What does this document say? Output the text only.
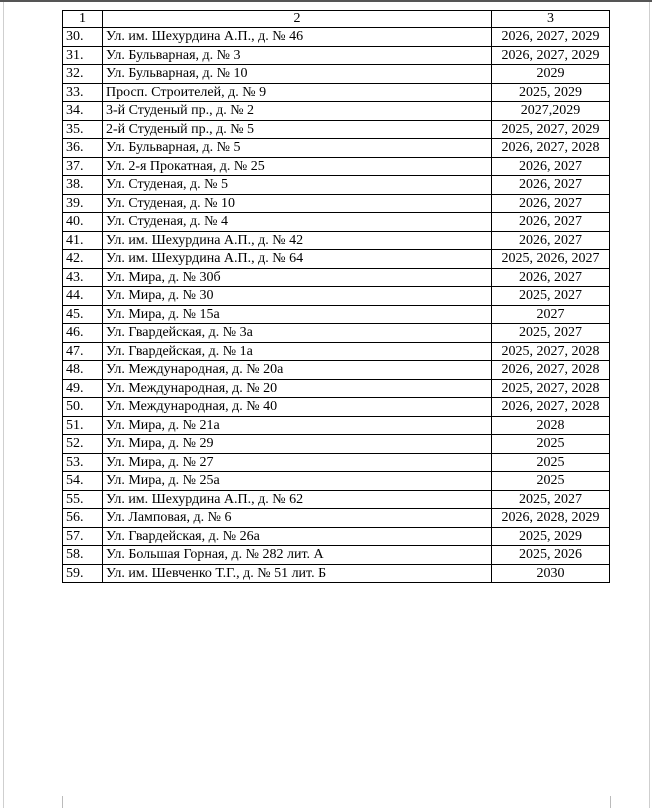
1	2	3
30.	Ул. им. Шехурдина А.П., д. № 46	2026, 2027, 2029
31.	Ул. Бульварная, д. № 3	2026, 2027, 2029
32.	Ул. Бульварная, д. № 10	2029
33.	Просп. Строителей, д. № 9	2025, 2029
34.	3-й Студеный пр., д. № 2	2027,2029
35.	2-й Студеный пр., д. № 5	2025, 2027, 2029
36.	Ул. Бульварная, д. № 5	2026, 2027, 2028
37.	Ул. 2-я Прокатная, д. № 25	2026, 2027
38.	Ул. Студеная, д. № 5	2026, 2027
39.	Ул. Студеная, д. № 10	2026, 2027
40.	Ул. Студеная, д. № 4	2026, 2027
41.	Ул. им. Шехурдина А.П., д. № 42	2026, 2027
42.	Ул. им. Шехурдина А.П., д. № 64	2025, 2026, 2027
43.	Ул. Мира, д. № 30б	2026, 2027
44.	Ул. Мира, д. № 30	2025, 2027
45.	Ул. Мира, д. № 15а	2027
46.	Ул. Гвардейская, д. № 3а	2025, 2027
47.	Ул. Гвардейская, д. № 1а	2025, 2027, 2028
48.	Ул. Международная, д. № 20а	2026, 2027, 2028
49.	Ул. Международная, д. № 20	2025, 2027, 2028
50.	Ул. Международная, д. № 40	2026, 2027, 2028
51.	Ул. Мира, д. № 21а	2028
52.	Ул. Мира, д. № 29	2025
53.	Ул. Мира, д. № 27	2025
54.	Ул. Мира, д. № 25а	2025
55.	Ул. им. Шехурдина А.П., д. № 62	2025, 2027
56.	Ул. Ламповая, д. № 6	2026, 2028, 2029
57.	Ул. Гвардейская, д. № 26а	2025, 2029
58.	Ул. Большая Горная, д. № 282 лит. А	2025, 2026
59.	Ул. им. Шевченко Т.Г., д. № 51 лит. Б	2030
